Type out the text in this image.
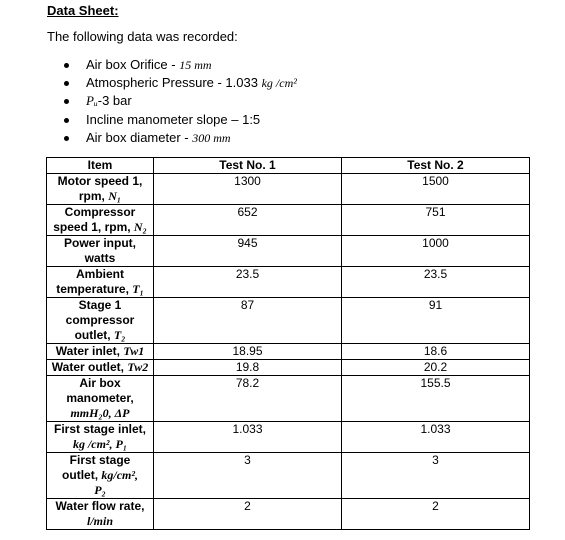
Data Sheet:
The following data was recorded:
Air box Orifice - 15 mm
Atmospheric Pressure - 1.033 kg /cm²
Pᵤ-3 bar
Incline manometer slope – 1:5
Air box diameter - 300 mm
Item	Test No. 1	Test No. 2

Motor speed 1,
rpm, N₁	1300	1500

Compressor
speed 1, rpm, N₂	652	751

Power input,
watts	945	1000

Ambient
temperature, T₁	23.5	23.5

Stage 1
compressor
outlet, T₂	87	91

Water inlet, Tw1	18.95	18.6

Water outlet, Tw2	19.8	20.2

Air box
manometer,
mmH₂0, ΔP	78.2	155.5

First stage inlet,
kg /cm², P₁	1.033	1.033

First stage
outlet, kg/cm²,
P₂	3	3

Water flow rate,
l/min	2	2
